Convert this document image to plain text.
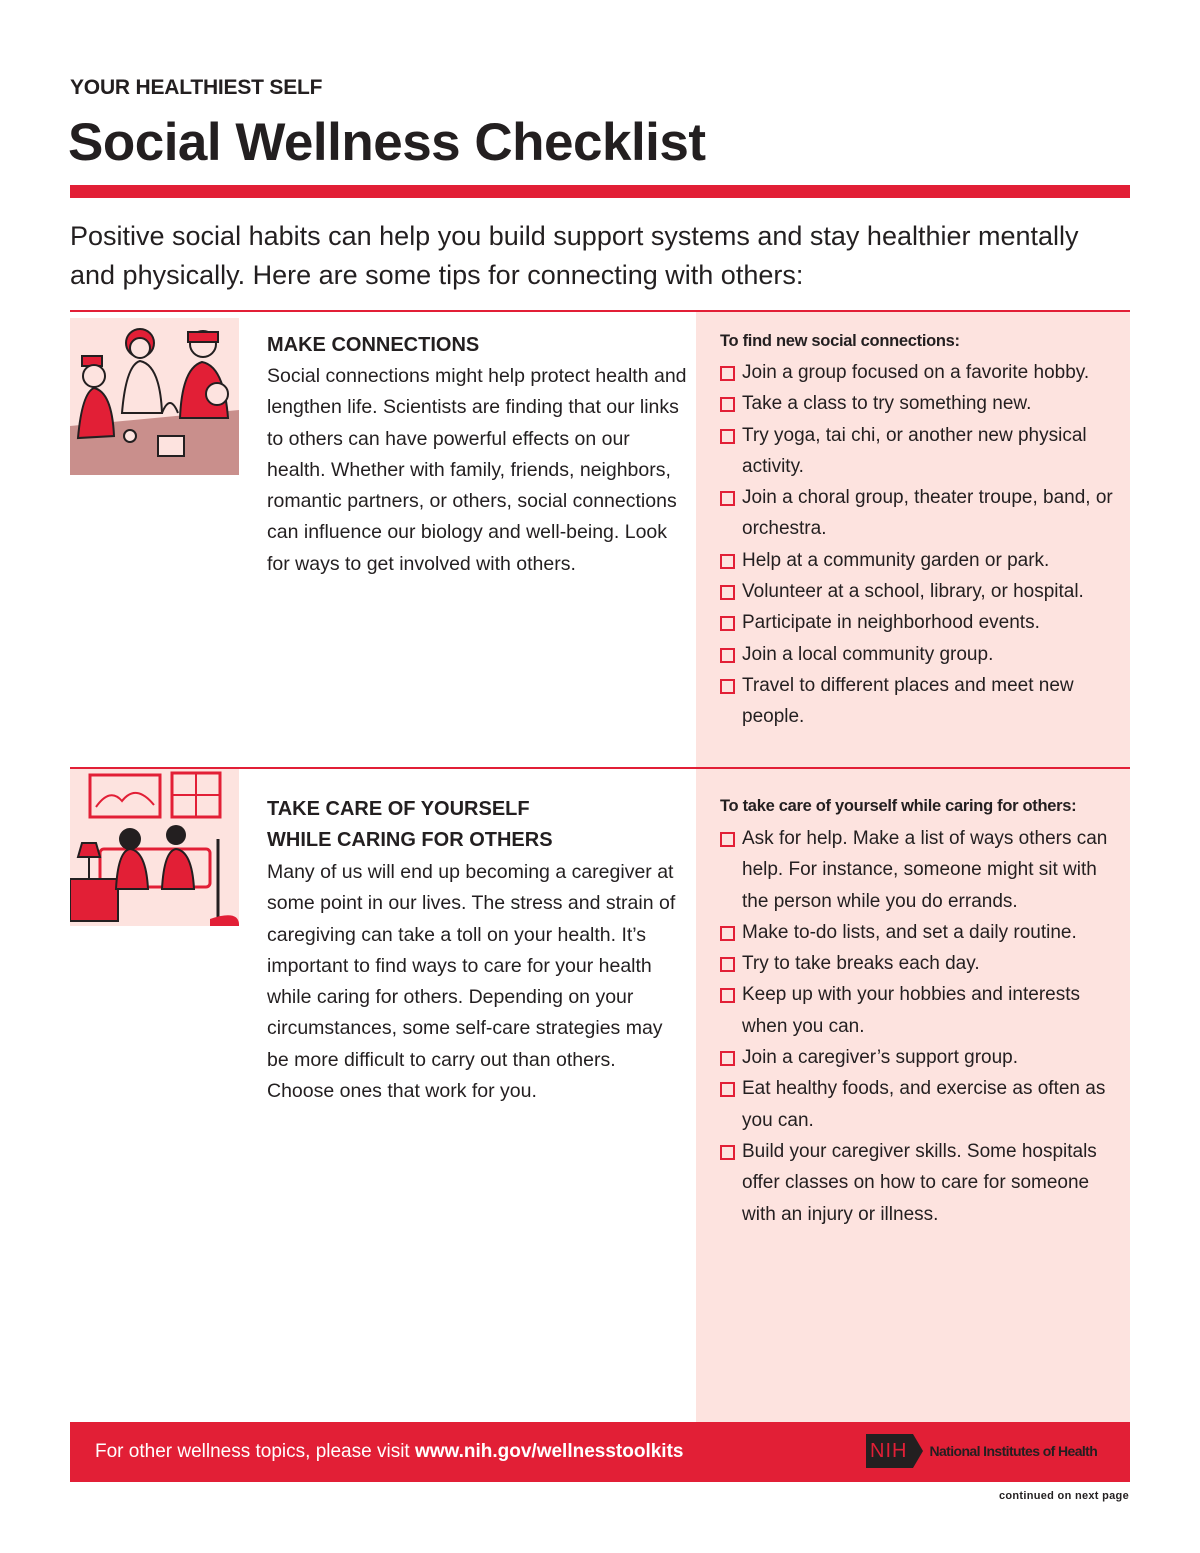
YOUR HEALTHIEST SELF
Social Wellness Checklist
Positive social habits can help you build support systems and stay healthier mentally and physically. Here are some tips for connecting with others:
MAKE CONNECTIONS
Social connections might help protect health and lengthen life. Scientists are finding that our links to others can have powerful effects on our health. Whether with family, friends, neighbors, romantic partners, or others, social connections can influence our biology and well-being. Look for ways to get involved with others.
To find new social connections:
Join a group focused on a favorite hobby.
Take a class to try something new.
Try yoga, tai chi, or another new physical activity.
Join a choral group, theater troupe, band, or orchestra.
Help at a community garden or park.
Volunteer at a school, library, or hospital.
Participate in neighborhood events.
Join a local community group.
Travel to different places and meet new people.
TAKE CARE OF YOURSELF
WHILE CARING FOR OTHERS
Many of us will end up becoming a caregiver at some point in our lives. The stress and strain of caregiving can take a toll on your health. It’s important to find ways to care for your health while caring for others. Depending on your circumstances, some self-care strategies may be more difficult to carry out than others. Choose ones that work for you.
To take care of yourself while caring for others:
Ask for help. Make a list of ways others can help. For instance, someone might sit with the person while you do errands.
Make to-do lists, and set a daily routine.
Try to take breaks each day.
Keep up with your hobbies and interests when you can.
Join a caregiver’s support group.
Eat healthy foods, and exercise as often as you can.
Build your caregiver skills. Some hospitals offer classes on how to care for someone with an injury or illness.
For other wellness topics, please visit www.nih.gov/wellnesstoolkits	NIH	National Institutes of Health
continued on next page
